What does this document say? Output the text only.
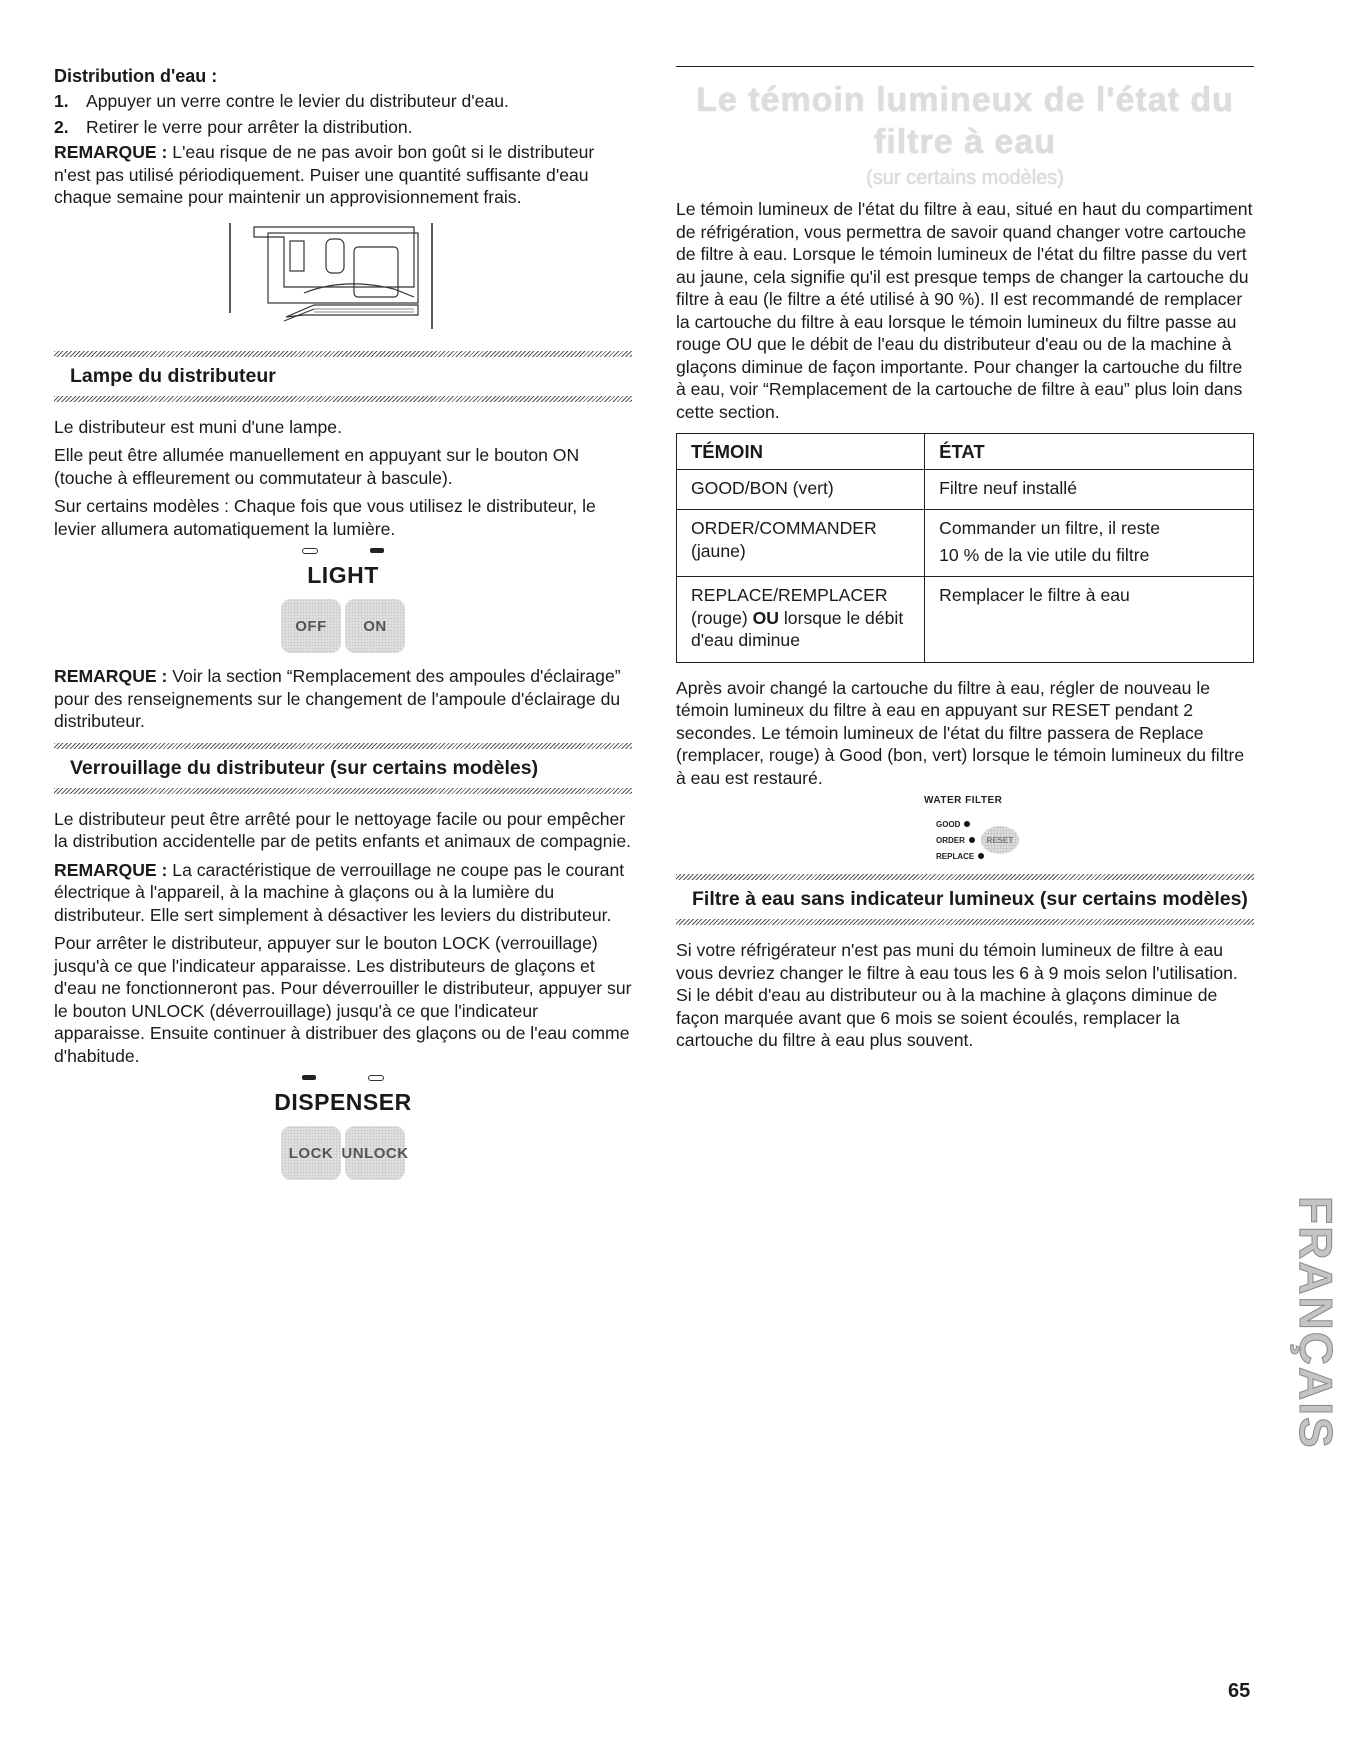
Distribution d'eau :
1. Appuyer un verre contre le levier du distributeur d'eau.
2. Retirer le verre pour arrêter la distribution.

REMARQUE : L'eau risque de ne pas avoir bon goût si le distributeur n'est pas utilisé périodiquement. Puiser une quantité suffisante d'eau chaque semaine pour maintenir un approvisionnement frais.

Lampe du distributeur

Le distributeur est muni d'une lampe.

Elle peut être allumée manuellement en appuyant sur le bouton ON (touche à effleurement ou commutateur à bascule).

Sur certains modèles : Chaque fois que vous utilisez le distributeur, le levier allumera automatiquement la lumière.

LIGHT
OFF	ON

REMARQUE : Voir la section “Remplacement des ampoules d'éclairage” pour des renseignements sur le changement de l'ampoule d'éclairage du distributeur.

Verrouillage du distributeur (sur certains modèles)

Le distributeur peut être arrêté pour le nettoyage facile ou pour empêcher la distribution accidentelle par de petits enfants et animaux de compagnie.

REMARQUE : La caractéristique de verrouillage ne coupe pas le courant électrique à l'appareil, à la machine à glaçons ou à la lumière du distributeur. Elle sert simplement à désactiver les leviers du distributeur.

Pour arrêter le distributeur, appuyer sur le bouton LOCK (verrouillage) jusqu'à ce que l'indicateur apparaisse. Les distributeurs de glaçons et d'eau ne fonctionneront pas. Pour déverrouiller le distributeur, appuyer sur le bouton UNLOCK (déverrouillage) jusqu'à ce que l'indicateur apparaisse. Ensuite continuer à distribuer des glaçons ou de l'eau comme d'habitude.

DISPENSER
LOCK UNLOCK
Le témoin lumineux de l'état du
filtre à eau
(sur certains modèles)

Le témoin lumineux de l'état du filtre à eau, situé en haut du compartiment de réfrigération, vous permettra de savoir quand changer votre cartouche de filtre à eau. Lorsque le témoin lumineux de l'état du filtre passe du vert au jaune, cela signifie qu'il est presque temps de changer la cartouche du filtre à eau (le filtre a été utilisé à 90 %). Il est recommandé de remplacer la cartouche du filtre à eau lorsque le témoin lumineux du filtre passe au rouge OU que le débit de l'eau du distributeur d'eau ou de la machine à glaçons diminue de façon importante. Pour changer la cartouche du filtre à eau, voir “Remplacement de la cartouche de filtre à eau” plus loin dans cette section.

TÉMOIN	ÉTAT
GOOD/BON (vert)	Filtre neuf installé
ORDER/COMMANDER (jaune)	Commander un filtre, il reste
10 % de la vie utile du filtre

REPLACE/REMPLACER (rouge) OU lorsque le débit d'eau diminue	Remplacer le filtre à eau

Après avoir changé la cartouche du filtre à eau, régler de nouveau le témoin lumineux du filtre à eau en appuyant sur RESET pendant 2 secondes. Le témoin lumineux de l'état du filtre passera de Replace (remplacer, rouge) à Good (bon, vert) lorsque le témoin lumineux du filtre à eau est restauré.

WATER FILTER
GOOD
ORDER	RESET
REPLACE
Filtre à eau sans indicateur lumineux (sur certains modèles)

Si votre réfrigérateur n'est pas muni du témoin lumineux de filtre à eau vous devriez changer le filtre à eau tous les 6 à 9 mois selon l'utilisation. Si le débit d'eau au distributeur ou à la machine à glaçons diminue de façon marquée avant que 6 mois se soient écoulés, remplacer la cartouche du filtre à eau plus souvent.

FRANÇAIS
65
